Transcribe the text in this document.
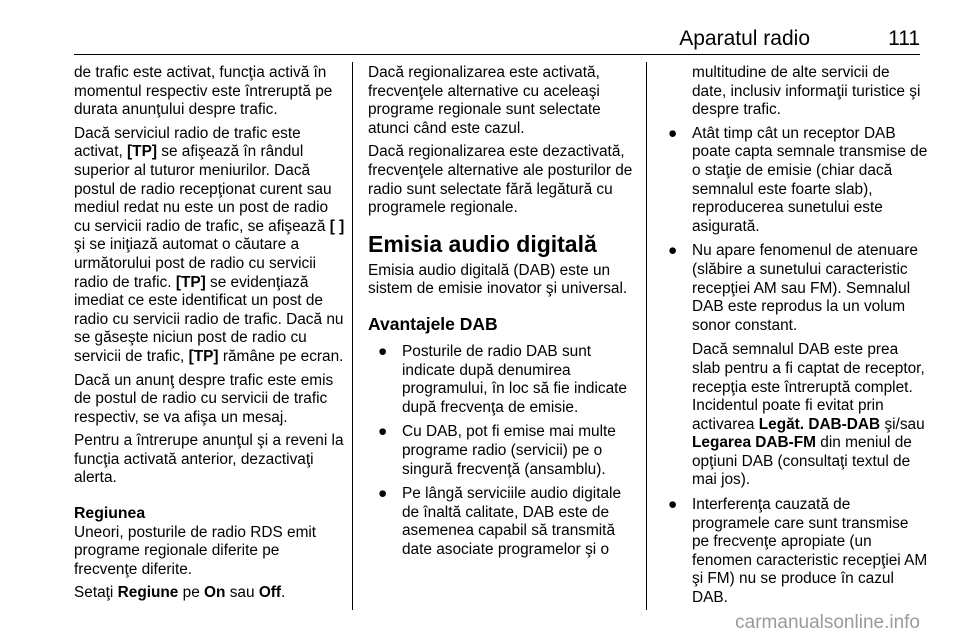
Aparatul radio	111

de trafic este activat, funcţia activă în momentul respectiv este întreruptă pe durata anunţului despre trafic.

Dacă serviciul radio de trafic este activat, [TP] se afişează în rândul superior al tuturor meniurilor. Dacă postul de radio recepţionat curent sau mediul redat nu este un post de radio cu servicii radio de trafic, se afişează [ ] şi se iniţiază automat o căutare a următorului post de radio cu servicii radio de trafic. [TP] se evidenţiază imediat ce este identificat un post de radio cu servicii radio de trafic. Dacă nu se găseşte niciun post de radio cu servicii de trafic, [TP] rămâne pe ecran.

Dacă un anunţ despre trafic este emis de postul de radio cu servicii de trafic respectiv, se va afişa un mesaj.

Pentru a întrerupe anunţul şi a reveni la funcţia activată anterior, dezactivaţi alerta.

Regiunea

Uneori, posturile de radio RDS emit programe regionale diferite pe frecvenţe diferite.

Setaţi Regiune pe On sau Off.

Dacă regionalizarea este activată, frecvenţele alternative cu aceleaşi programe regionale sunt selectate atunci când este cazul.

Dacă regionalizarea este dezactivată, frecvenţele alternative ale posturilor de radio sunt selectate fără legătură cu programele regionale.

Emisia audio digitală

Emisia audio digitală (DAB) este un sistem de emisie inovator şi universal.

Avantajele DAB
● Posturile de radio DAB sunt indicate după denumirea programului, în loc să fie indicate după frecvenţa de emisie.
● Cu DAB, pot fi emise mai multe programe radio (servicii) pe o singură frecvenţă (ansamblu).
● Pe lângă serviciile audio digitale de înaltă calitate, DAB este de asemenea capabil să transmită date asociate programelor şi o

multitudine de alte servicii de date, inclusiv informaţii turistice şi despre trafic.

● Atât timp cât un receptor DAB poate capta semnale transmise de o staţie de emisie (chiar dacă semnalul este foarte slab), reproducerea sunetului este asigurată.
● Nu apare fenomenul de atenuare (slăbire a sunetului caracteristic recepţiei AM sau FM). Semnalul DAB este reprodus la un volum sonor constant.

Dacă semnalul DAB este prea slab pentru a fi captat de receptor, recepţia este întreruptă complet. Incidentul poate fi evitat prin activarea Legăt. DAB-DAB şi/sau Legarea DAB-FM din meniul de opţiuni DAB (consultaţi textul de mai jos).

● Interferenţa cauzată de programele care sunt transmise pe frecvenţe apropiate (un fenomen caracteristic recepţiei AM şi FM) nu se produce în cazul DAB.
carmanualsonline.info
